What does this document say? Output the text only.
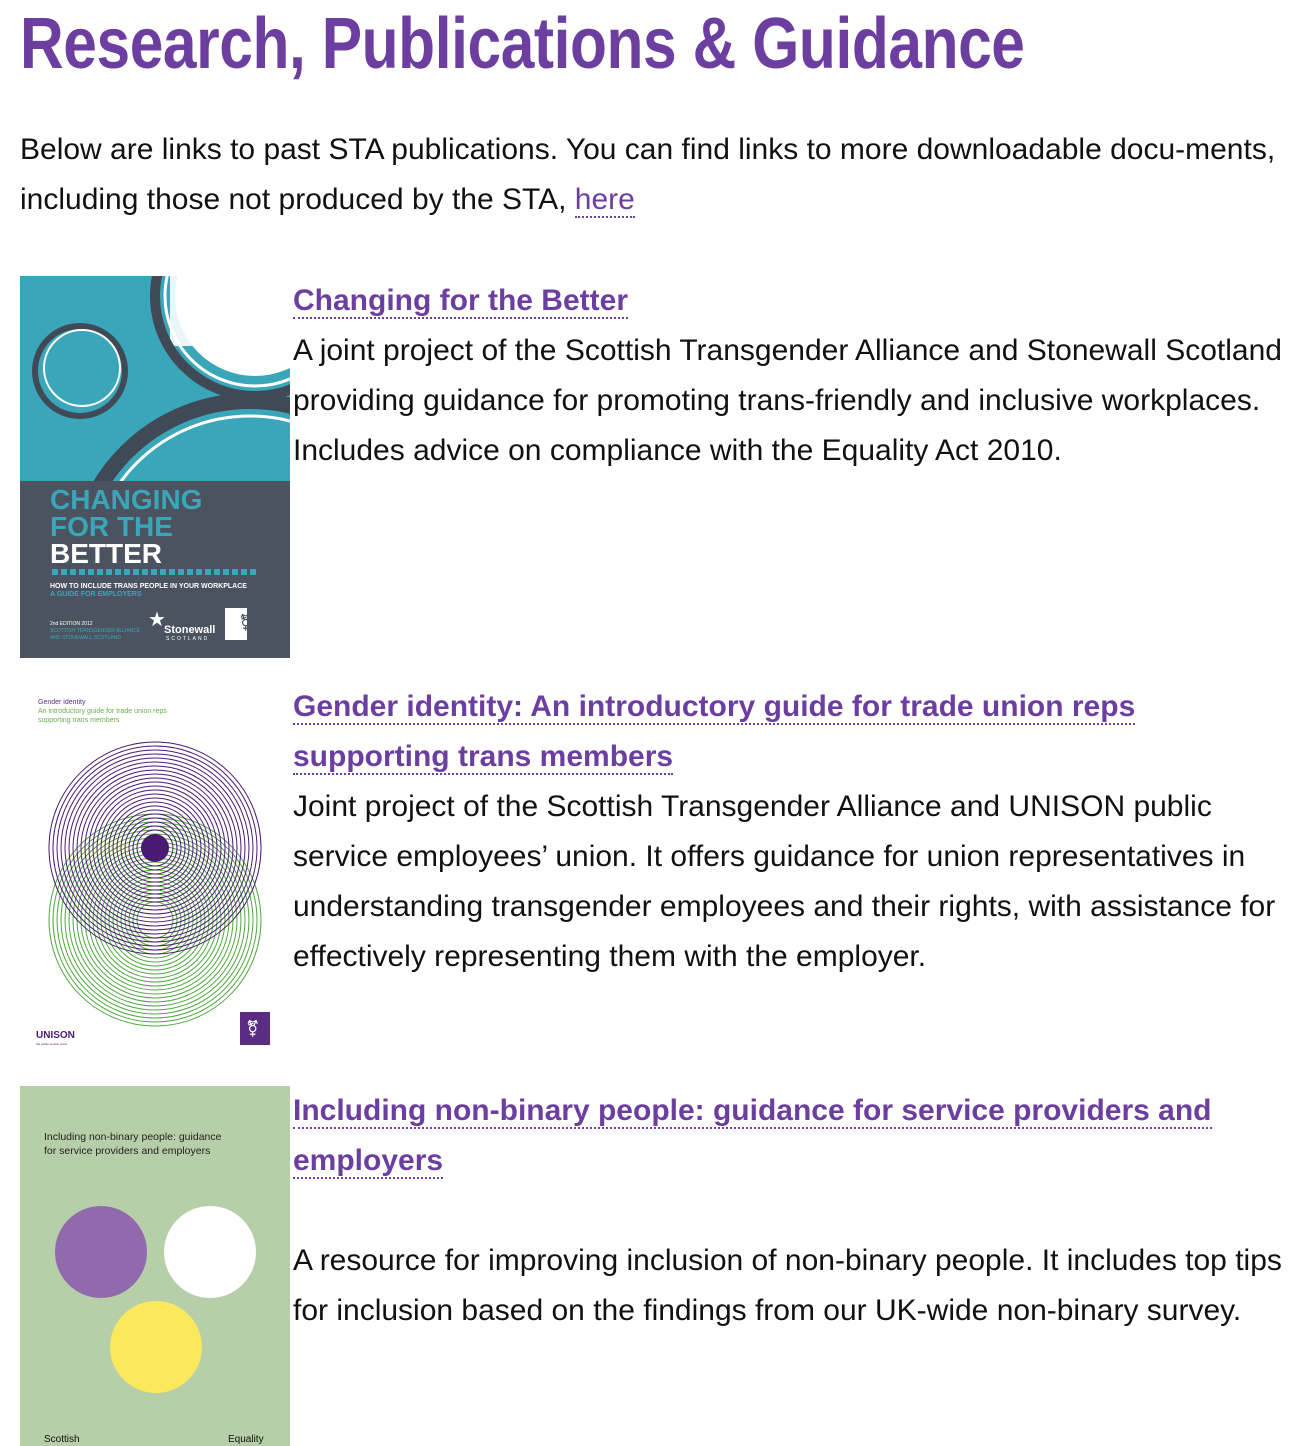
Research, Publications & Guidance

Below are links to past STA publications. You can find links to more downloadable docu-ments, including those not produced by the STA, here

CHANGING
FOR THE
BETTER
HOW TO INCLUDE TRANS PEOPLE IN YOUR WORKPLACE
A GUIDE FOR EMPLOYERS
2nd EDITION 2012
SCOTTISH TRANSGENDER ALLIANCE
AND STONEWALL SCOTLAND
★
Stonewall
SCOTLAND
⚧
Changing for the Better

A joint project of the Scottish Transgender Alliance and Stonewall Scotland providing guidance for promoting trans-friendly and inclusive workplaces. Includes advice on compliance with the Equality Act 2010.

Gender identity
An introductory guide for trade union reps
supporting trans members
UNISON
the public service union
⚧
Gender identity: An introductory guide for trade union reps supporting trans members

Joint project of the Scottish Transgender Alliance and UNISON public service employees’ union. It offers guidance for union representatives in understanding transgender employees and their rights, with assistance for effectively representing them with the employer.

Including non-binary people: guidance
for service providers and employers
Scottish	Equality
Including non-binary people: guidance for service providers and employers

A resource for improving inclusion of non-binary people. It includes top tips for inclusion based on the findings from our UK-wide non-binary survey.
